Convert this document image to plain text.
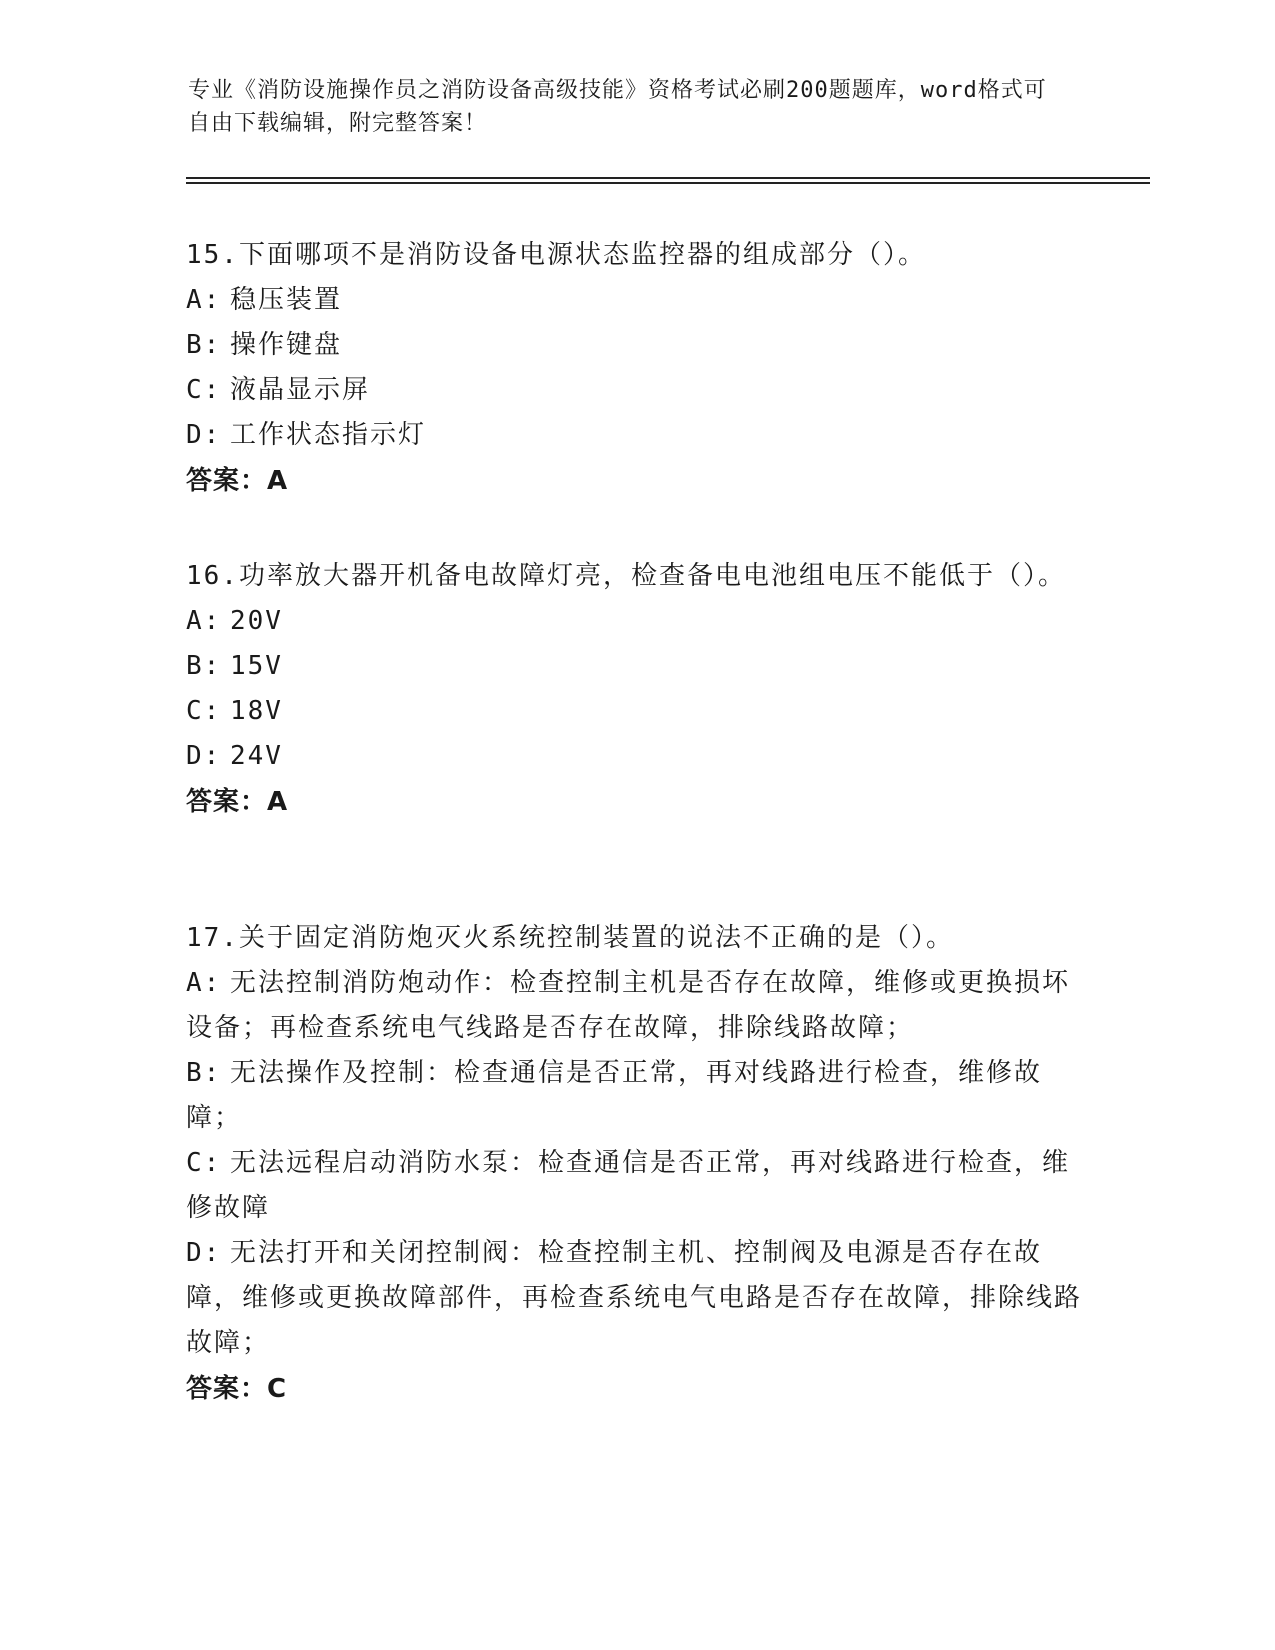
专业《消防设施操作员之消防设备高级技能》资格考试必刷200题题库，word格式可自由下载编辑，附完整答案！
15.下面哪项不是消防设备电源状态监控器的组成部分（）。
A: 稳压装置
B: 操作键盘
C: 液晶显示屏
D: 工作状态指示灯
答案：A
16.功率放大器开机备电故障灯亮，检查备电电池组电压不能低于（）。
A: 20V
B: 15V
C: 18V
D: 24V
答案：A
17.关于固定消防炮灭火系统控制装置的说法不正确的是（）。
A: 无法控制消防炮动作：检查控制主机是否存在故障，维修或更换损坏设备；再检查系统电气线路是否存在故障，排除线路故障；
B: 无法操作及控制：检查通信是否正常，再对线路进行检查，维修故障；
C: 无法远程启动消防水泵：检查通信是否正常，再对线路进行检查，维修故障
D: 无法打开和关闭控制阀：检查控制主机、控制阀及电源是否存在故障，维修或更换故障部件，再检查系统电气电路是否存在故障，排除线路故障；
答案：C
